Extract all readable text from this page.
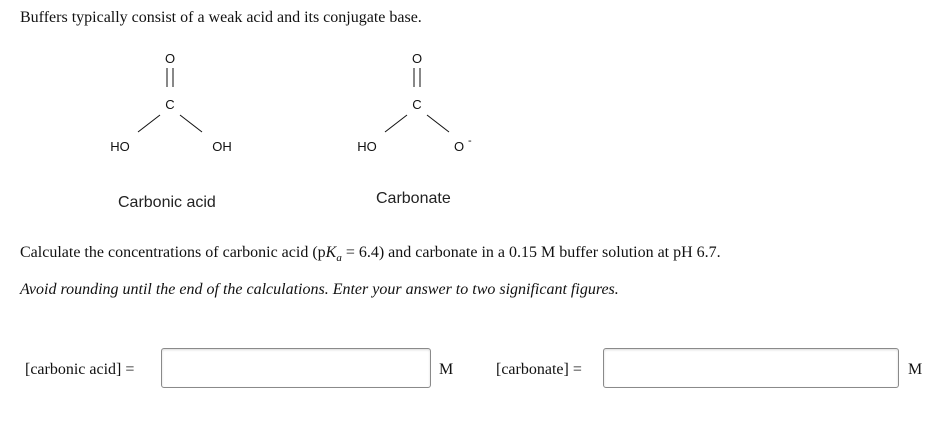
Buffers typically consist of a weak acid and its conjugate base.
O
C
HO	OH
Carbonic acid
O
C
HO	O -
Carbonate
Calculate the concentrations of carbonic acid $(pK_a = 6.4)$ and carbonate in a 0.15 M buffer solution at pH 6.7.
Avoid rounding until the end of the calculations. Enter your answer to two significant figures.
[carbonic acid] =	M	[carbonate] =	M
